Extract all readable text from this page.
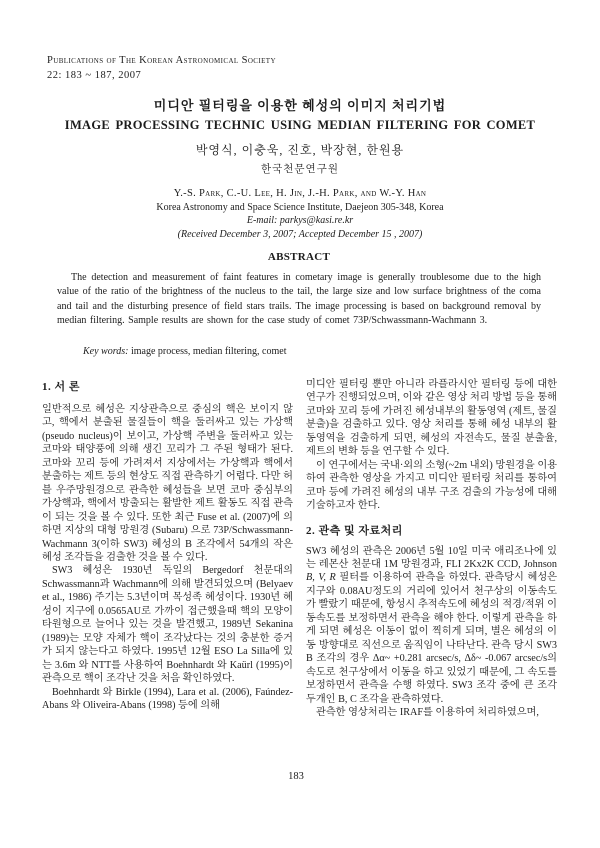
Publications of The Korean Astronomical Society
22: 183 ~ 187, 2007
미디안 필터링을 이용한 혜성의 이미지 처리기법
IMAGE PROCESSING TECHNIC USING MEDIAN FILTERING FOR COMET
박영식, 이충욱, 진호, 박장현, 한원용
한국천문연구원
Y.-S. Park, C.-U. Lee, H. Jin, J.-H. Park, and W.-Y. Han
Korea Astronomy and Space Science Institute, Daejeon 305-348, Korea
E-mail: parkys@kasi.re.kr
(Received December 3, 2007; Accepted December 15 , 2007)
ABSTRACT
The detection and measurement of faint features in cometary image is generally troublesome due to the high value of the ratio of the brightness of the nucleus to the tail, the large size and low surface brightness of the coma and tail and the disturbing presence of field stars trails. The image processing is based on background removal by median filtering. Sample results are shown for the case study of comet 73P/Schwassmann-Wachmann 3.
Key words: image process, median filtering, comet
1. 서 론

일반적으로 혜성은 지상관측으로 중심의 핵은 보이지 않고, 핵에서 분출된 물질들이 핵을 둘러싸고 있는 가상핵(pseudo nucleus)이 보이고, 가상핵 주변을 둘러싸고 있는 코마와 태양풍에 의해 생긴 꼬리가 그 주된 형태가 된다. 코마와 꼬리 등에 가려져서 지상에서는 가상핵과 핵에서 분출하는 제트 등의 현상도 직접 관측하기 어렵다. 다만 허블 우주망원경으로 관측한 혜성들을 보면 코마 중심부의 가상핵과, 핵에서 방출되는 활발한 제트 활동도 직접 관측이 되는 것을 볼 수 있다. 또한 최근 Fuse et al. (2007)에 의하면 지상의 대형 망원경 (Subaru) 으로 73P/Schwassmann-Wachmann 3(이하 SW3) 혜성의 B 조각에서 54개의 작은 혜성 조각들을 검출한 것을 볼 수 있다.

SW3 혜성은 1930년 독일의 Bergedorf 천문대의 Schwassmann과 Wachmann에 의해 발견되었으며 (Belyaev et al., 1986) 주기는 5.3년이며 목성족 혜성이다. 1930년 혜성이 지구에 0.0565AU로 가까이 접근했을때 핵의 모양이 타원형으로 늘어나 있는 것을 발견했고, 1989년 Sekanina (1989)는 모양 자체가 핵이 조각났다는 것의 충분한 증거가 되지 않는다고 하였다. 1995년 12월 ESO La Silla에 있는 3.6m 와 NTT를 사용하여 Boehnhardt 와 Kaürl (1995)이 관측으로 핵이 조각난 것을 처음 확인하였다.

Boehnhardt 와 Birkle (1994), Lara et al. (2006), Faúndez-Abans 와 Oliveira-Abans (1998) 등에 의해

미디안 필터링 뿐만 아니라 라플라시안 필터링 등에 대한 연구가 진행되었으며, 이와 같은 영상 처리 방법 등을 통해 코마와 꼬리 등에 가려진 혜성내부의 활동영역 (제트, 물질 분출)을 검출하고 있다. 영상 처리를 통해 혜성 내부의 활동영역을 검출하게 되면, 혜성의 자전속도, 물질 분출율, 제트의 변화 등을 연구할 수 있다.

이 연구에서는 국내·외의 소형(~2m 내외) 망원경을 이용하여 관측한 영상을 가지고 미디안 필터링 처리를 통하여 코마 등에 가려진 혜성의 내부 구조 검출의 가능성에 대해 기술하고자 한다.

2. 관측 및 자료처리

SW3 혜성의 관측은 2006년 5월 10일 미국 애리조나에 있는 레몬산 천문대 1M 망원경과, FLI 2Kx2K CCD, Johnson B, V, R 필터를 이용하여 관측을 하였다. 관측당시 혜성은 지구와 0.08AU정도의 거리에 있어서 천구상의 이동속도가 빨랐기 때문에, 항성시 추적속도에 혜성의 적경/적위 이동속도를 보정하면서 관측을 해야 한다. 이렇게 관측을 하게 되면 혜성은 이동이 없이 찍히게 되며, 별은 혜성의 이동 방향대로 직선으로 움직임이 나타난다. 관측 당시 SW3 B 조각의 경우 Δα~ +0.281 arcsec/s, Δδ~ -0.067 arcsec/s의 속도로 천구상에서 이동을 하고 있었기 때문에, 그 속도를 보정하면서 관측을 수행 하였다. SW3 조각 중에 큰 조각 두개인 B, C 조각을 관측하였다.

관측한 영상처리는 IRAF를 이용하여 처리하였으며,

183
